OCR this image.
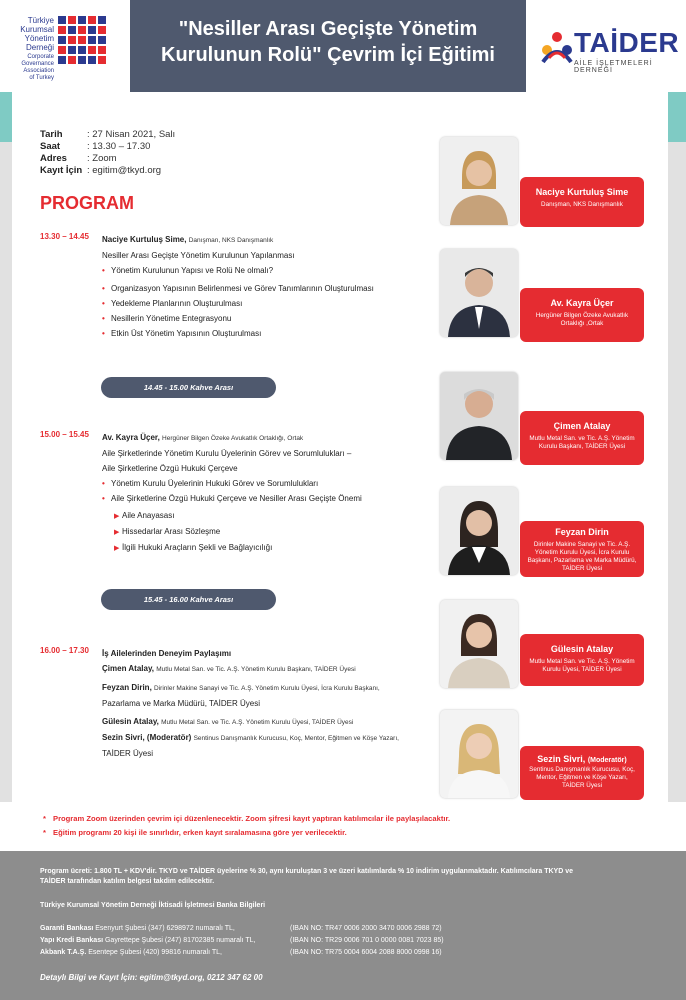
Türkiye
Kurumsal
Yönetim
Derneği
Corporate
Governance
Association
of Turkey
"Nesiller Arası Geçişte Yönetim
Kurulunun Rolü" Çevrim İçi Eğitimi	TAİDER
AİLE İŞLETMELERİ DERNEĞİ
Tarih	: 27 Nisan 2021, Salı
Saat	: 13.30 – 17.30
Adres	: Zoom
Kayıt İçin : egitim@tkyd.org
PROGRAM
13.30 – 14.45 Naciye Kurtuluş Sime, Danışman, NKS Danışmanlık
Nesiller Arası Geçişte Yönetim Kurulunun Yapılanması
• Yönetim Kurulunun Yapısı ve Rolü Ne olmalı?
• Organizasyon Yapısının Belirlenmesi ve Görev Tanımlarının Oluşturulması
• Yedekleme Planlarının Oluşturulması
• Nesillerin Yönetime Entegrasyonu
• Etkin Üst Yönetim Yapısının Oluşturulması
14.45 - 15.00 Kahve Arası
15.00 – 15.45 Av. Kayra Üçer, Hergüner Bilgen Özeke Avukatlık Ortaklığı, Ortak
Aile Şirketlerinde Yönetim Kurulu Üyelerinin Görev ve Sorumlulukları –
Aile Şirketlerine Özgü Hukuki Çerçeve
• Yönetim Kurulu Üyelerinin Hukuki Görev ve Sorumlulukları
• Aile Şirketlerine Özgü Hukuki Çerçeve ve Nesiller Arası Geçişte Önemi
▶ Aile Anayasası
▶ Hissedarlar Arası Sözleşme
▶ İlgili Hukuki Araçların Şekli ve Bağlayıcılığı
15.45 - 16.00 Kahve Arası
16.00 – 17.30 İş Ailelerinden Deneyim Paylaşımı
Çimen Atalay, Mutlu Metal San. ve Tic. A.Ş. Yönetim Kurulu Başkanı, TAİDER Üyesi
Feyzan Dirin, Dirinler Makine Sanayi ve Tic. A.Ş. Yönetim Kurulu Üyesi, İcra Kurulu Başkanı,
Pazarlama ve Marka Müdürü, TAİDER Üyesi
Gülesin Atalay, Mutlu Metal San. ve Tic. A.Ş. Yönetim Kurulu Üyesi, TAİDER Üyesi
Sezin Sivri, (Moderatör) Sentinus Danışmanlık Kurucusu, Koç, Mentor, Eğitmen ve Köşe Yazarı,
TAİDER Üyesi
Naciye Kurtuluş Sime
Danışman, NKS Danışmanlık
Av. Kayra Üçer
Hergüner Bilgen Özeke Avukatlık Ortaklığı ,Ortak
Çimen Atalay
Mutlu Metal San. ve Tic. A.Ş. Yönetim Kurulu Başkanı, TAİDER Üyesi
Feyzan Dirin
Dirinler Makine Sanayi ve Tic. A.Ş. Yönetim Kurulu Üyesi, İcra Kurulu Başkanı, Pazarlama ve Marka Müdürü, TAİDER Üyesi
Gülesin Atalay
Mutlu Metal San. ve Tic. A.Ş. Yönetim Kurulu Üyesi, TAİDER Üyesi
Sezin Sivri, (Moderatör)
Sentinus Danışmanlık Kurucusu, Koç, Mentor, Eğitmen ve Köşe Yazarı, TAİDER Üyesi
* Program Zoom üzerinden çevrim içi düzenlenecektir. Zoom şifresi kayıt yaptıran katılımcılar ile paylaşılacaktır.
* Eğitim programı 20 kişi ile sınırlıdır, erken kayıt sıralamasına göre yer verilecektir.
Program ücreti: 1.800 TL + KDV'dir. TKYD ve TAİDER üyelerine % 30, aynı kuruluştan 3 ve üzeri katılımlarda % 10 indirim uygulanmaktadır. Katılımcılara TKYD ve TAİDER tarafından katılım belgesi takdim edilecektir.
Türkiye Kurumsal Yönetim Derneği İktisadi İşletmesi Banka Bilgileri
Garanti Bankası Esenyurt Şubesi (347) 6298972 numaralı TL,	(IBAN NO: TR47 0006 2000 3470 0006 2988 72)
Yapı Kredi Bankası Gayrettepe Şubesi (247) 81702385 numaralı TL,	(IBAN NO: TR29 0006 701 0 0000 0081 7023 85)
Akbank T.A.Ş. Esentepe Şubesi (420) 99816 numaralı TL,	(IBAN NO: TR75 0004 6004 2088 8000 0998 16)
Detaylı Bilgi ve Kayıt İçin: egitim@tkyd.org, 0212 347 62 00
